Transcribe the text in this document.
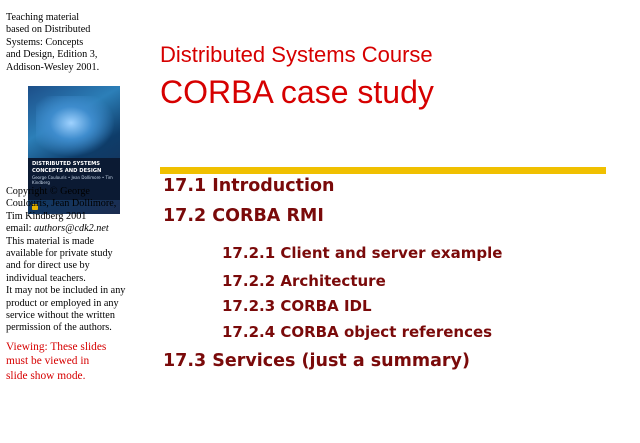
Teaching material
based on Distributed
Systems: Concepts
and Design, Edition 3,
Addison-Wesley 2001.
DISTRIBUTED SYSTEMS
CONCEPTS AND DESIGN
George Coulouris • Jean Dollimore • Tim Kindberg
Distributed Systems Course
CORBA case study
Copyright © George
Coulouris, Jean Dollimore,
Tim Kindberg 2001
email: authors@cdk2.net
This material is made
available for private study
and for direct use by
individual teachers.
It may not be included in any
product or employed in any
service without the written
permission of the authors.
Viewing: These slides
must be viewed in
slide show mode.
17.1 Introduction
17.2 CORBA RMI
17.2.1 Client and server example
17.2.2 Architecture
17.2.3 CORBA IDL
17.2.4 CORBA object references
17.3 Services (just a summary)
